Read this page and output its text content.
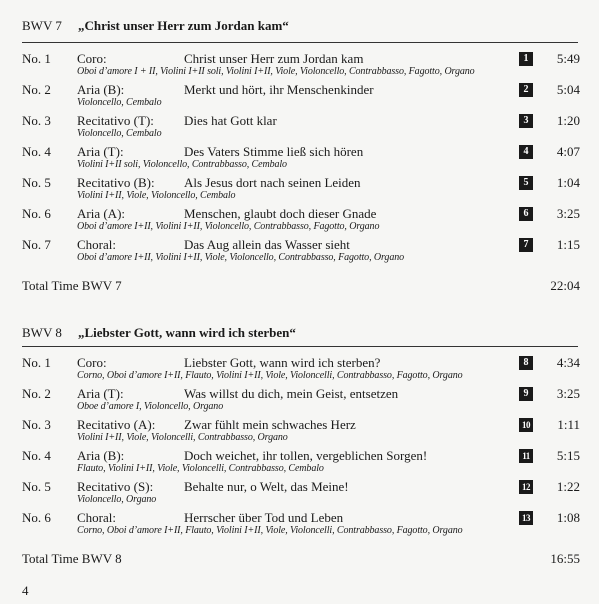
BWV 7 „Christ unser Herr zum Jordan kam“
No. 1 Coro:	Christ unser Herr zum Jordan kam
Oboi d’amore I + II, Violini I+II soli, Violini I+II, Viole, Violoncello, Contrabbasso, Fagotto, Organo
1	5:49
No. 2 Aria (B):	Merkt und hört, ihr Menschenkinder
Violoncello, Cembalo
2	5:04
No. 3 Recitativo (T): Dies hat Gott klar
Violoncello, Cembalo
3	1:20
No. 4 Aria (T):	Des Vaters Stimme ließ sich hören
Violini I+II soli, Violoncello, Contrabbasso, Cembalo
4	4:07
No. 5 Recitativo (B): Als Jesus dort nach seinen Leiden
Violini I+II, Viole, Violoncello, Cembalo
5	1:04
No. 6 Aria (A):	Menschen, glaubt doch dieser Gnade
Oboi d’amore I+II, Violini I+II, Violoncello, Contrabbasso, Fagotto, Organo
6	3:25
No. 7 Choral:	Das Aug allein das Wasser sieht
Oboi d’amore I+II, Violini I+II, Viole, Violoncello, Contrabbasso, Fagotto, Organo
7	1:15
Total Time BWV 7	22:04
BWV 8 „Liebster Gott, wann wird ich sterben“
No. 1 Coro:	Liebster Gott, wann wird ich sterben?
Corno, Oboi d’amore I+II, Flauto, Violini I+II, Viole, Violoncelli, Contrabbasso, Fagotto, Organo
8	4:34
No. 2 Aria (T):	Was willst du dich, mein Geist, entsetzen
Oboe d’amore I, Violoncello, Organo
9	3:25
No. 3 Recitativo (A): Zwar fühlt mein schwaches Herz
Violini I+II, Viole, Violoncelli, Contrabbasso, Organo
10 1:11
No. 4 Aria (B):	Doch weichet, ihr tollen, vergeblichen Sorgen!
Flauto, Violini I+II, Viole, Violoncelli, Contrabbasso, Cembalo
11 5:15
No. 5 Recitativo (S): Behalte nur, o Welt, das Meine!
Violoncello, Organo
12 1:22
No. 6 Choral:	Herrscher über Tod und Leben
Corno, Oboi d’amore I+II, Flauto, Violini I+II, Viole, Violoncelli, Contrabbasso, Fagotto, Organo
13 1:08
Total Time BWV 8	16:55
4
